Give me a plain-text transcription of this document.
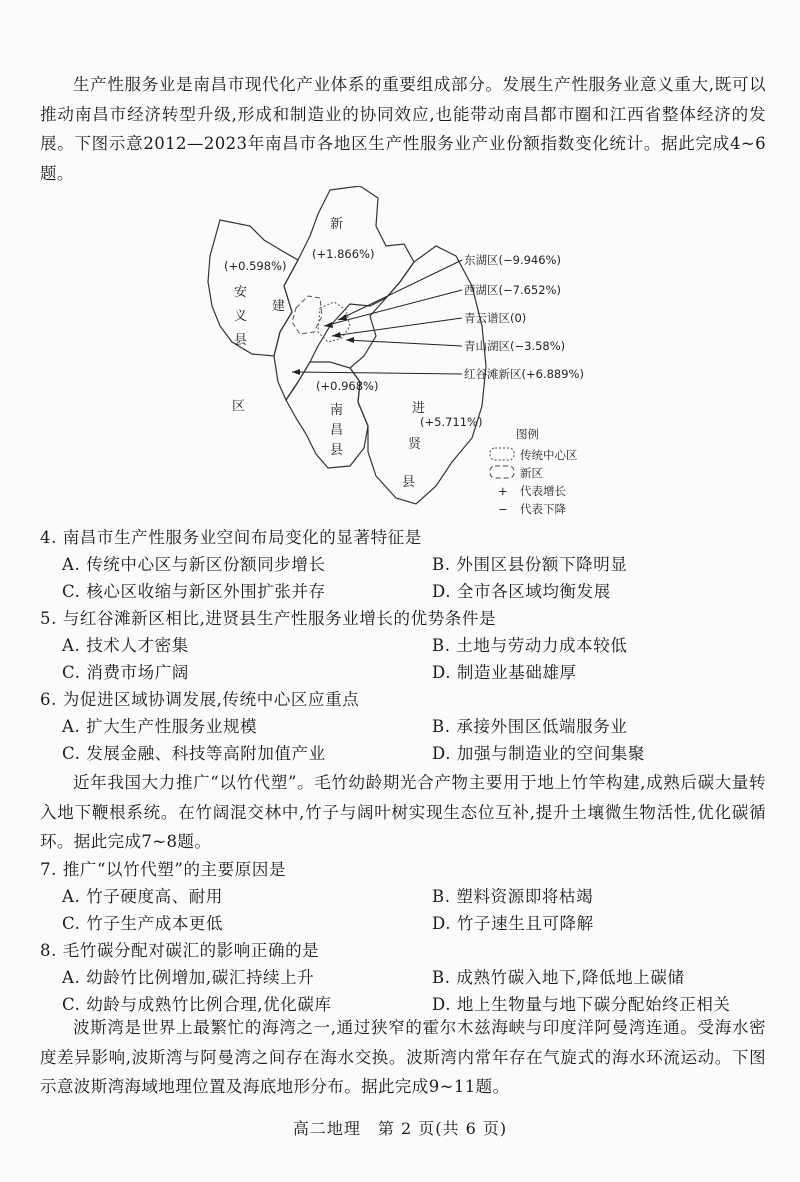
生产性服务业是南昌市现代化产业体系的重要组成部分。发展生产性服务业意义重大,既可以推动南昌市经济转型升级,形成和制造业的协同效应,也能带动南昌都市圈和江西省整体经济的发展。下图示意2012—2023年南昌市各地区生产性服务业产业份额指数变化统计。据此完成4~6题。
新
(+1.866%)
(+0.598%)
安
义
县
建
区
(+0.968%)
南
昌
县
进
(+5.711%)
贤
县
东湖区(−9.946%)
西湖区(−7.652%)
青云谱区(0)
青山湖区(−3.58%)
红谷滩新区(+6.889%)
图例
传统中心区
新区
+ 代表增长
− 代表下降
4. 南昌市生产性服务业空间布局变化的显著特征是
A. 传统中心区与新区份额同步增长	B. 外围区县份额下降明显
C. 核心区收缩与新区外围扩张并存	D. 全市各区域均衡发展
5. 与红谷滩新区相比,进贤县生产性服务业增长的优势条件是
A. 技术人才密集	B. 土地与劳动力成本较低
C. 消费市场广阔	D. 制造业基础雄厚
6. 为促进区域协调发展,传统中心区应重点
A. 扩大生产性服务业规模	B. 承接外围区低端服务业
C. 发展金融、科技等高附加值产业	D. 加强与制造业的空间集聚
近年我国大力推广“以竹代塑”。毛竹幼龄期光合产物主要用于地上竹竿构建,成熟后碳大量转入地下鞭根系统。在竹阔混交林中,竹子与阔叶树实现生态位互补,提升土壤微生物活性,优化碳循环。据此完成7~8题。
7. 推广“以竹代塑”的主要原因是
A. 竹子硬度高、耐用	B. 塑料资源即将枯竭
C. 竹子生产成本更低	D. 竹子速生且可降解
8. 毛竹碳分配对碳汇的影响正确的是
A. 幼龄竹比例增加,碳汇持续上升	B. 成熟竹碳入地下,降低地上碳储
C. 幼龄与成熟竹比例合理,优化碳库	D. 地上生物量与地下碳分配始终正相关
波斯湾是世界上最繁忙的海湾之一,通过狭窄的霍尔木兹海峡与印度洋阿曼湾连通。受海水密度差异影响,波斯湾与阿曼湾之间存在海水交换。波斯湾内常年存在气旋式的海水环流运动。下图示意波斯湾海域地理位置及海底地形分布。据此完成9~11题。
高二地理　第 2 页(共 6 页)
